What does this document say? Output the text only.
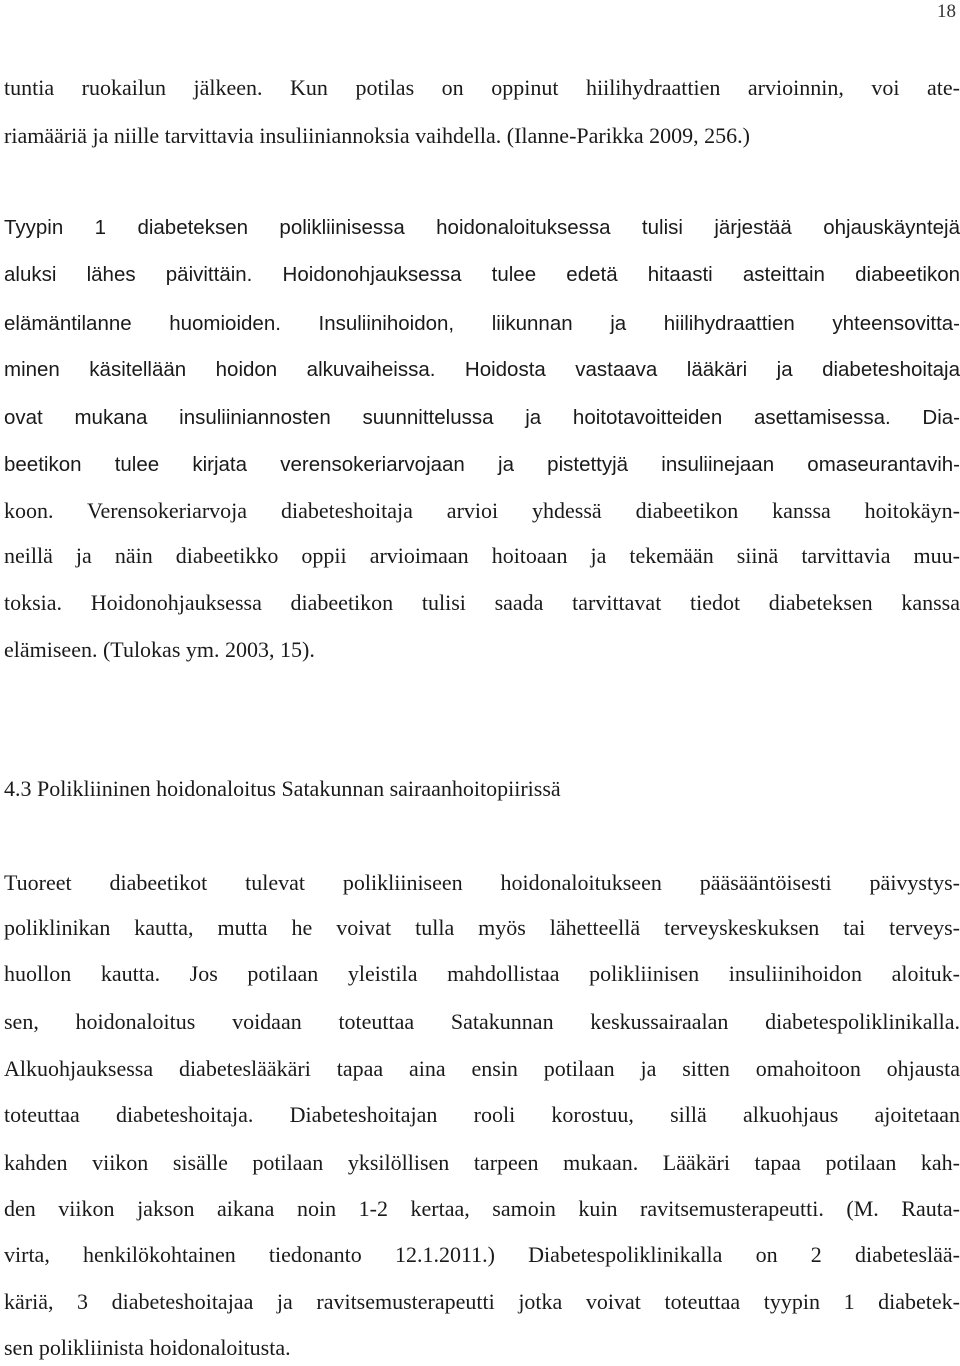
18
tuntia ruokailun jälkeen. Kun potilas on oppinut hiilihydraattien arvioinnin, voi ate-
riamääriä ja niille tarvittavia insuliiniannoksia vaihdella. (Ilanne-Parikka 2009, 256.)
Tyypin 1 diabeteksen polikliinisessa hoidonaloituksessa tulisi järjestää ohjauskäyntejä
aluksi lähes päivittäin. Hoidonohjauksessa tulee edetä hitaasti asteittain diabeetikon
elämäntilanne huomioiden. Insuliinihoidon, liikunnan ja hiilihydraattien yhteensovitta-
minen käsitellään hoidon alkuvaiheissa. Hoidosta vastaava lääkäri ja diabeteshoitaja
ovat mukana insuliiniannosten suunnittelussa ja hoitotavoitteiden asettamisessa. Dia-
beetikon tulee kirjata verensokeriarvojaan ja pistettyjä insuliinejaan omaseurantavih-
koon. Verensokeriarvoja diabeteshoitaja arvioi yhdessä diabeetikon kanssa hoitokäyn-
neillä ja näin diabeetikko oppii arvioimaan hoitoaan ja tekemään siinä tarvittavia muu-
toksia. Hoidonohjauksessa diabeetikon tulisi saada tarvittavat tiedot diabeteksen kanssa
elämiseen. (Tulokas ym. 2003, 15).
4.3 Polikliininen hoidonaloitus Satakunnan sairaanhoitopiirissä
Tuoreet diabeetikot tulevat polikliiniseen hoidonaloitukseen pääsääntöisesti päivystys-
poliklinikan kautta, mutta he voivat tulla myös lähetteellä terveyskeskuksen tai terveys-
huollon kautta. Jos potilaan yleistila mahdollistaa polikliinisen insuliinihoidon aloituk-
sen, hoidonaloitus voidaan toteuttaa Satakunnan keskussairaalan diabetespoliklinikalla.
Alkuohjauksessa diabeteslääkäri tapaa aina ensin potilaan ja sitten omahoitoon ohjausta
toteuttaa diabeteshoitaja. Diabeteshoitajan rooli korostuu, sillä alkuohjaus ajoitetaan
kahden viikon sisälle potilaan yksilöllisen tarpeen mukaan. Lääkäri tapaa potilaan kah-
den viikon jakson aikana noin 1-2 kertaa, samoin kuin ravitsemusterapeutti. (M. Rauta-
virta, henkilökohtainen tiedonanto 12.1.2011.) Diabetespoliklinikalla on 2 diabeteslää-
käriä, 3 diabeteshoitajaa ja ravitsemusterapeutti jotka voivat toteuttaa tyypin 1 diabetek-
sen polikliinista hoidonaloitusta.
